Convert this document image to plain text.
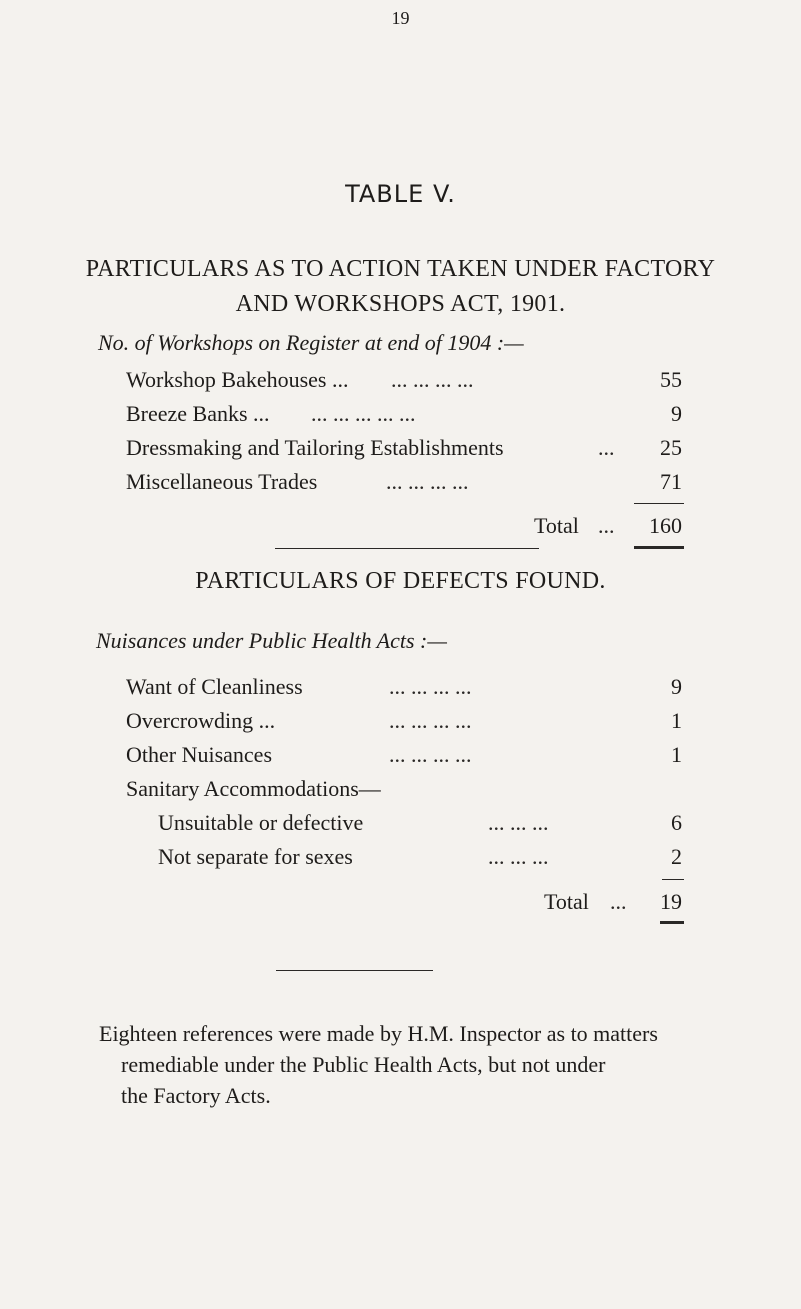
19
TABLE V.
PARTICULARS AS TO ACTION TAKEN UNDER FACTORY
AND WORKSHOPS ACT, 1901.
No. of Workshops on Register at end of 1904 :—
Workshop Bakehouses ... ... ... ... ...	55
Breeze Banks ... ... ... ... ... ...	9
Dressmaking and Tailoring Establishments	... 25
Miscellaneous Trades	... ... ... ...	71
Total ... 160
PARTICULARS OF DEFECTS FOUND.
Nuisances under Public Health Acts :—
Want of Cleanliness	... ... ... ...	9
Overcrowding ...	... ... ... ...	1
Other Nuisances	... ... ... ...	1
Sanitary Accommodations—
Unsuitable or defective	... ... ...	6
Not separate for sexes	... ... ...	2
Total ... 19
Eighteen references were made by H.M. Inspector as to matters
remediable under the Public Health Acts, but not under
the Factory Acts.
